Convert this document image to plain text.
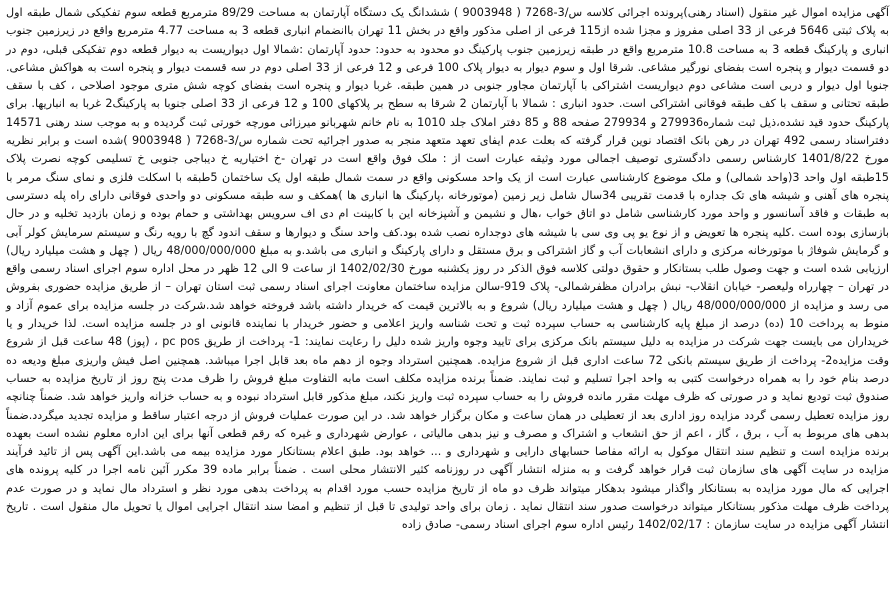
آگهی مزایده اموال غیر منقول (اسناد رهنی)پرونده اجرائی کلاسه س/3-7268 ( 9003948 ) ششدانگ یک دستگاه آپارتمان به مساحت 89/29 مترمربع قطعه سوم تفکیکی شمال طبقه اول به پلاک ثبتی 5646 فرعی از 33 اصلی مفروز و مجزا شده از115 فرعی از اصلی مذکور واقع در بخش 11 تهران باانضمام انباری قطعه 3 به مساحت 4.77 مترمربع واقع در زیرزمین جنوب انباری و پارکینگ قطعه 3 به مساحت 10.8 مترمربع واقع در طبقه زیرزمین جنوب پارکینگ دو محدود به حدود: حدود آپارتمان :شمالا اول دیواریست به دیوار قطعه دوم تفکیکی قبلی، دوم در دو قسمت دیوار و پنجره است بفضای نورگیر مشاعی. شرقا اول و سوم دیوار به دیوار پلاک 100 فرعی و 12 فرعی از 33 اصلی دوم در سه قسمت دیوار و پنجره است به هواکش مشاعی. جنوبا اول دیوار و دربی است مشاعی دوم دیواریست اشتراکی با آپارتمان مجاور جنوبی در همین طبقه. غربا دیوار و پنجره است بفضای کوچه شش متری موجود اصلاحی ، کف با سقف طبقه تحتانی و سقف با کف طبقه فوقانی اشتراکی است. حدود انباری : شمالا با آپارتمان 2 شرقا به سطح بر پلاکهای 100 و 12 فرعی از 33 اصلی جنوبا به پارکینگ2 غربا به انباریها. برای پارکینگ حدود قید نشده،ذیل ثبت شماره279936 و 279934 صفحه 88 و 85 دفتر املاک جلد 1010 به نام خانم شهربانو میرزائی مورچه خورتی ثبت گردیده و به موجب سند رهنی 14571 دفتراسناد رسمی 492 تهران در رهن بانک اقتصاد نوین قرار گرفته که بعلت عدم ایفای تعهد متعهد منجر به صدور اجرائیه تحت شماره س/3-7268 ( 9003948 )شده است و برابر نظریه مورخ 1401/8/22 کارشناس رسمی دادگستری توصیف اجمالی مورد وثیقه عبارت است از : ملک فوق واقع است در تهران -خ اختیاریه خ دیباجی جنوبی خ تسلیمی کوچه نصرت پلاک 15طبقه اول واحد 3(واحد شمالی) و ملک موضوع کارشناسی عبارت است از یک واحد مسکونی واقع در سمت شمال طبقه اول یک ساختمان 5طبقه با اسکلت فلزی و نمای سنگ مرمر با پنجره های آهنی و شیشه های تک جداره با قدمت تقریبی 34سال شامل زیر زمین (موتورخانه ،پارکینگ ها انباری ها )همکف و سه طبقه مسکونی دو واحدی فوقانی دارای راه پله دسترسی به طبقات و فاقد آسانسور و واحد مورد کارشناسی شامل دو اتاق خواب ،هال و نشیمن و آشپزخانه این با کابینت ام دی اف سرویس بهداشتی و حمام بوده و زمان بازدید تخلیه و در حال بازسازی بوده است .کلیه پنجره ها تعویض و از نوع یو پی وی سی با شیشه های دوجداره نصب شده بود.کف واحد سنگ و دیوارها و سقف اندود گچ با رویه رنگ و سیستم سرمایش کولر آبی و گرمایش شوفاژ با موتورخانه مرکزی و دارای انشعابات آب و گاز اشتراکی و برق مستقل و دارای پارکینگ و انباری می باشد.و به مبلغ 48/000/000/000 ریال ( چهل و هشت میلیارد ریال) ارزیابی شده است و جهت وصول طلب بستانکار و حقوق دولتی کلاسه فوق الذکر در روز یکشنبه مورخ 1402/02/30 از ساعت 9 الی 12 ظهر در محل اداره سوم اجرای اسناد رسمی واقع در تهران – چهارراه ولیعصر- خیابان انقلاب- نبش برادران مظفرشمالی- پلاک 919-سالن مزایده ساختمان معاونت اجرای اسناد رسمی ثبت استان تهران – از طریق مزایده حضوری بفروش می رسد و مزایده از 48/000/000/000 ریال ( چهل و هشت میلیارد ریال) شروع و به بالاترین قیمت که خریدار داشته باشد فروخته خواهد شد.شرکت در جلسه مزایده برای عموم آزاد و منوط به پرداخت 10 (ده) درصد از مبلغ پایه کارشناسی به حساب سپرده ثبت و تحت شناسه واریز اعلامی و حضور خریدار با نماینده قانونی او در جلسه مزایده است. لذا خریدار و یا خریداران می بایست جهت شرکت در مزایده به دلیل سیستم بانک مرکزی برای تایید وجوه واریز شده دلیل را رعایت نمایند: 1- پرداخت از طریق pc pos ، (پوز) 48 ساعت قبل از شروع وقت مزایده2- پرداخت از طریق سیستم بانکی 72 ساعت اداری قبل از شروع مزایده. همچنین استرداد وجوه از دهم ماه بعد قابل اجرا میباشد. همچنین اصل فیش واریزی مبلغ ودیعه ده درصد بنام خود را به همراه درخواست کتبی به واحد اجرا تسلیم و ثبت نمایند. ضمناً برنده مزایده مکلف است مابه التفاوت مبلغ فروش را ظرف مدت پنج روز از تاریخ مزایده به حساب صندوق ثبت تودیع نماید و در صورتی که ظرف مهلت مقرر مانده فروش را به حساب سپرده ثبت واریز نکند، مبلغ مذکور قابل استرداد نبوده و به حساب خزانه واریز خواهد شد. ضمناً چنانچه روز مزایده تعطیل رسمی گردد مزایده روز اداری بعد از تعطیلی در همان ساعت و مکان برگزار خواهد شد. در این صورت عملیات فروش از درجه اعتبار ساقط و مزایده تجدید میگردد.ضمناً بدهی های مربوط به آب ، برق ، گاز ، اعم از حق انشعاب و اشتراک و مصرف و نیز بدهی مالیاتی ، عوارض شهرداری و غیره که رقم قطعی آنها برای این اداره معلوم نشده است بعهده برنده مزایده است و تنظیم سند انتقال موکول به ارائه مفاصا حسابهای دارایی و شهرداری و ... خواهد بود. طبق اعلام بستانکار مورد مزایده بیمه می باشد.این آگهی پس از تائید فرآیند مزایده در سایت آگهی های سازمان ثبت قرار خواهد گرفت و به منزله انتشار آگهی در روزنامه کثیر الانتشار محلی است . ضمناً برابر ماده 39 مکرر آئین نامه اجرا در کلیه پرونده های اجرایی که مال مورد مزایده به بستانکار واگذار میشود بدهکار میتواند ظرف دو ماه از تاریخ مزایده حسب مورد اقدام به پرداخت بدهی مورد نظر و استرداد مال نماید و در صورت عدم پرداخت ظرف مهلت مذکور بستانکار میتواند درخواست صدور سند انتقال نماید . زمان برای واحد تولیدی تا قبل از تنظیم و امضا سند انتقال اجرایی اموال یا تحویل مال منقول است . تاریخ انتشار آگهی مزایده در سایت سازمان : 1402/02/17 رئیس اداره سوم اجرای اسناد رسمی- صادق زاده
